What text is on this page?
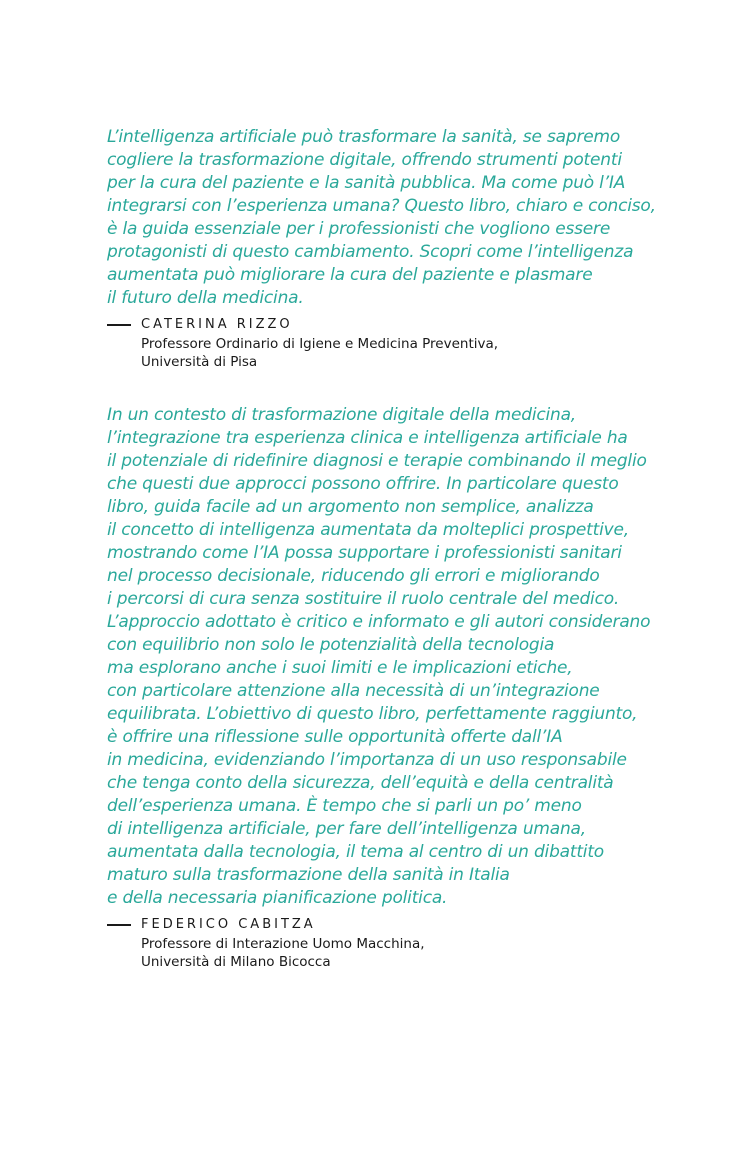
L’intelligenza artificiale può trasformare la sanità, se sapremo
cogliere la trasformazione digitale, offrendo strumenti potenti
per la cura del paziente e la sanità pubblica. Ma come può l’IA
integrarsi con l’esperienza umana? Questo libro, chiaro e conciso,
è la guida essenziale per i professionisti che vogliono essere
protagonisti di questo cambiamento. Scopri come l’intelligenza
aumentata può migliorare la cura del paziente e plasmare
il futuro della medicina.

CATERINA RIZZO
Professore Ordinario di Igiene e Medicina Preventiva,
Università di Pisa

In un contesto di trasformazione digitale della medicina,
l’integrazione tra esperienza clinica e intelligenza artificiale ha
il potenziale di ridefinire diagnosi e terapie combinando il meglio
che questi due approcci possono offrire. In particolare questo
libro, guida facile ad un argomento non semplice, analizza
il concetto di intelligenza aumentata da molteplici prospettive,
mostrando come l’IA possa supportare i professionisti sanitari
nel processo decisionale, riducendo gli errori e migliorando
i percorsi di cura senza sostituire il ruolo centrale del medico.
L’approccio adottato è critico e informato e gli autori considerano
con equilibrio non solo le potenzialità della tecnologia
ma esplorano anche i suoi limiti e le implicazioni etiche,
con particolare attenzione alla necessità di un’integrazione
equilibrata. L’obiettivo di questo libro, perfettamente raggiunto,
è offrire una riflessione sulle opportunità offerte dall’IA
in medicina, evidenziando l’importanza di un uso responsabile
che tenga conto della sicurezza, dell’equità e della centralità
dell’esperienza umana. È tempo che si parli un po’ meno
di intelligenza artificiale, per fare dell’intelligenza umana,
aumentata dalla tecnologia, il tema al centro di un dibattito
maturo sulla trasformazione della sanità in Italia
e della necessaria pianificazione politica.

FEDERICO CABITZA
Professore di Interazione Uomo Macchina,
Università di Milano Bicocca
